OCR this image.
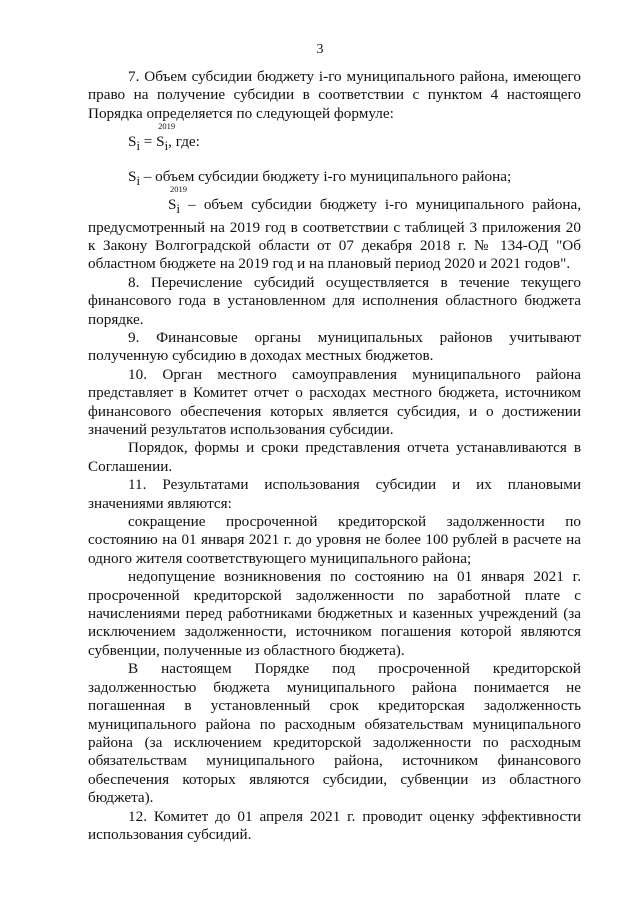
3

7. Объем субсидии бюджету i-го муниципального района, имеющего право на получение субсидии в соответствии с пунктом 4 настоящего Порядка определяется по следующей формуле:

$S_i$ =
2019
$S_i$, где:

$S_i$ – объем субсидии бюджету i-го муниципального района;

2019
$S_i$ – объем субсидии бюджету i-го муниципального района, предусмотренный на 2019 год в соответствии с таблицей 3 приложения 20 к Закону Волгоградской области от 07 декабря 2018 г. № 134-ОД "Об областном бюджете на 2019 год и на плановый период 2020 и 2021 годов".

8. Перечисление субсидий осуществляется в течение текущего финансового года в установленном для исполнения областного бюджета порядке.

9. Финансовые органы муниципальных районов учитывают полученную субсидию в доходах местных бюджетов.

10. Орган местного самоуправления муниципального района представляет в Комитет отчет о расходах местного бюджета, источником финансового обеспечения которых является субсидия, и о достижении значений результатов использования субсидии.

Порядок, формы и сроки представления отчета устанавливаются в Соглашении.

11. Результатами использования субсидии и их плановыми значениями являются:

сокращение просроченной кредиторской задолженности по состоянию на 01 января 2021 г. до уровня не более 100 рублей в расчете на одного жителя соответствующего муниципального района;

недопущение возникновения по состоянию на 01 января 2021 г. просроченной кредиторской задолженности по заработной плате с начислениями перед работниками бюджетных и казенных учреждений (за исключением задолженности, источником погашения которой являются субвенции, полученные из областного бюджета).

В настоящем Порядке под просроченной кредиторской задолженностью бюджета муниципального района понимается не погашенная в установленный срок кредиторская задолженность муниципального района по расходным обязательствам муниципального района (за исключением кредиторской задолженности по расходным обязательствам муниципального района, источником финансового обеспечения которых являются субсидии, субвенции из областного бюджета).

12. Комитет до 01 апреля 2021 г. проводит оценку эффективности использования субсидий.
